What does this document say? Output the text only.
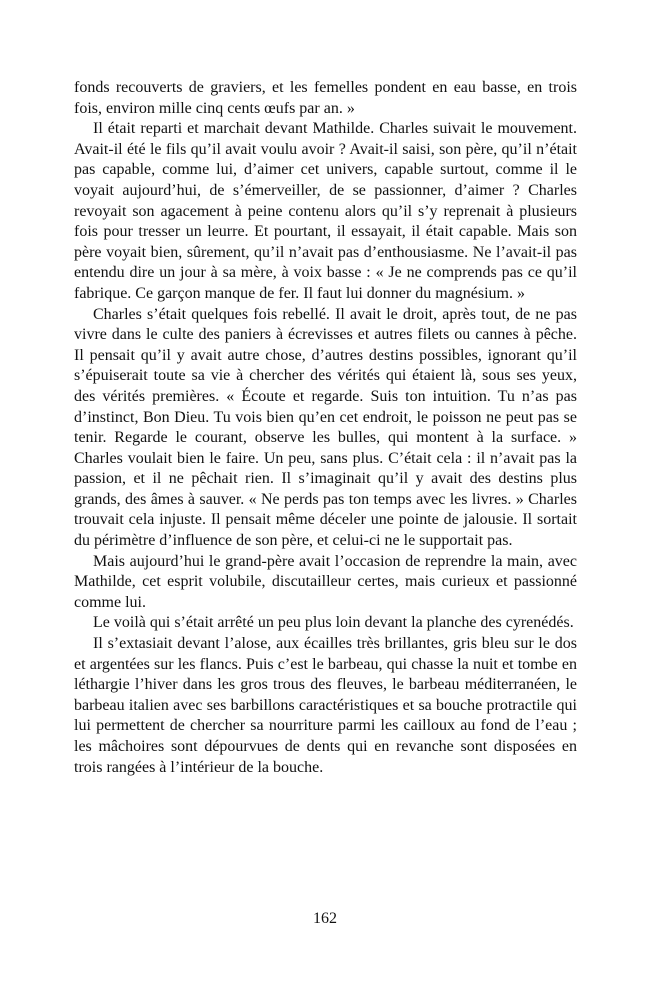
fonds recouverts de graviers, et les femelles pondent en eau basse, en trois fois, environ mille cinq cents œufs par an. »

Il était reparti et marchait devant Mathilde. Charles suivait le mouvement. Avait-il été le fils qu’il avait voulu avoir ? Avait-il saisi, son père, qu’il n’était pas capable, comme lui, d’aimer cet univers, capable surtout, comme il le voyait aujourd’hui, de s’émerveiller, de se passionner, d’aimer ? Charles revoyait son agacement à peine contenu alors qu’il s’y reprenait à plusieurs fois pour tresser un leurre. Et pourtant, il essayait, il était capable. Mais son père voyait bien, sûrement, qu’il n’avait pas d’enthousiasme. Ne l’avait-il pas entendu dire un jour à sa mère, à voix basse : « Je ne comprends pas ce qu’il fabrique. Ce garçon manque de fer. Il faut lui donner du magnésium. »

Charles s’était quelques fois rebellé. Il avait le droit, après tout, de ne pas vivre dans le culte des paniers à écrevisses et autres filets ou cannes à pêche. Il pensait qu’il y avait autre chose, d’autres destins possibles, ignorant qu’il s’épuiserait toute sa vie à chercher des vérités qui étaient là, sous ses yeux, des vérités premières. « Écoute et regarde. Suis ton intuition. Tu n’as pas d’instinct, Bon Dieu. Tu vois bien qu’en cet endroit, le poisson ne peut pas se tenir. Regarde le courant, observe les bulles, qui montent à la surface. » Charles voulait bien le faire. Un peu, sans plus. C’était cela : il n’avait pas la passion, et il ne pêchait rien. Il s’imaginait qu’il y avait des destins plus grands, des âmes à sauver. « Ne perds pas ton temps avec les livres. » Charles trouvait cela injuste. Il pensait même déceler une pointe de jalousie. Il sortait du périmètre d’influence de son père, et celui-ci ne le supportait pas.

Mais aujourd’hui le grand-père avait l’occasion de reprendre la main, avec Mathilde, cet esprit volubile, discutailleur certes, mais curieux et passionné comme lui.

Le voilà qui s’était arrêté un peu plus loin devant la planche des cyrenédés.

Il s’extasiait devant l’alose, aux écailles très brillantes, gris bleu sur le dos et argentées sur les flancs. Puis c’est le barbeau, qui chasse la nuit et tombe en léthargie l’hiver dans les gros trous des fleuves, le barbeau méditerranéen, le barbeau italien avec ses barbillons caractéristiques et sa bouche protractile qui lui permettent de chercher sa nourriture parmi les cailloux au fond de l’eau ; les mâchoires sont dépourvues de dents qui en revanche sont disposées en trois rangées à l’intérieur de la bouche.

162
